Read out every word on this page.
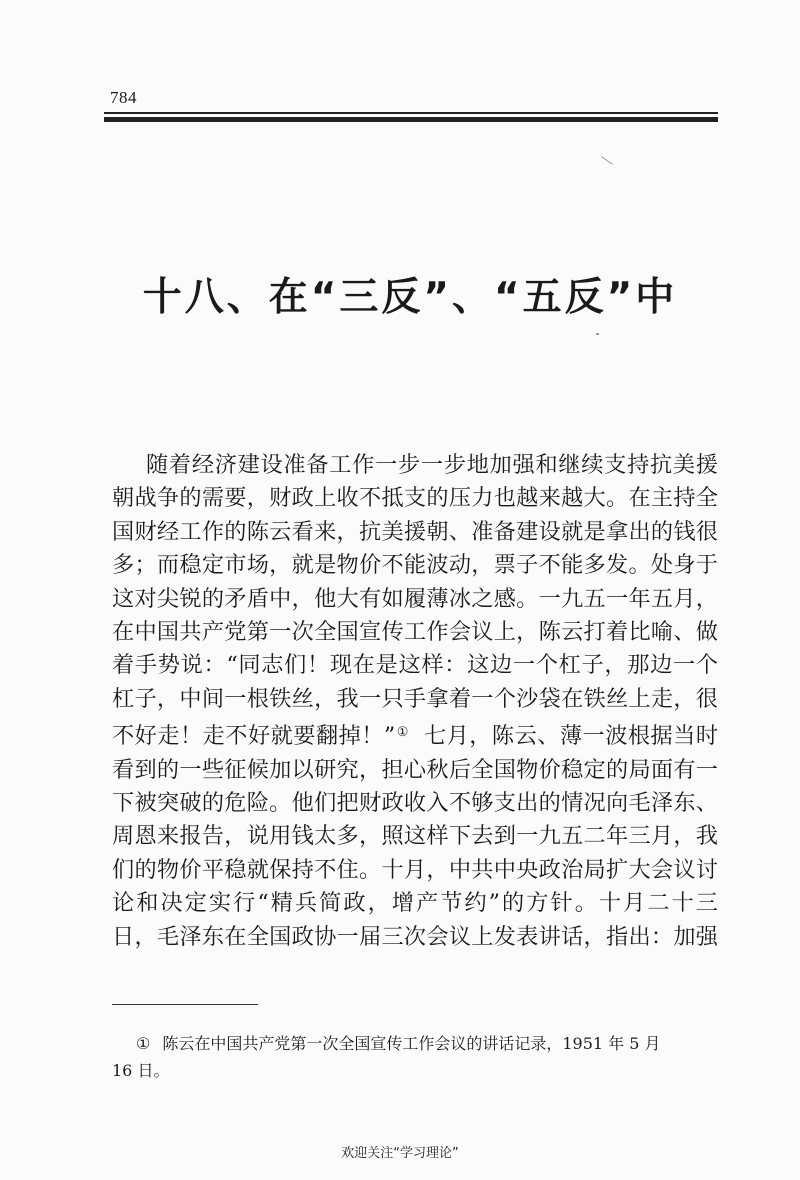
784
十八、在“三反”、“五反”中
随着经济建设准备工作一步一步地加强和继续支持抗美援
朝战争的需要，财政上收不抵支的压力也越来越大。在主持全
国财经工作的陈云看来，抗美援朝、准备建设就是拿出的钱很
多；而稳定市场，就是物价不能波动，票子不能多发。处身于
这对尖锐的矛盾中，他大有如履薄冰之感。一九五一年五月，
在中国共产党第一次全国宣传工作会议上，陈云打着比喻、做
着手势说：“同志们！现在是这样：这边一个杠子，那边一个
杠子，中间一根铁丝，我一只手拿着一个沙袋在铁丝上走，很
不好走！走不好就要翻掉！”① 七月，陈云、薄一波根据当时
看到的一些征候加以研究，担心秋后全国物价稳定的局面有一
下被突破的危险。他们把财政收入不够支出的情况向毛泽东、
周恩来报告，说用钱太多，照这样下去到一九五二年三月，我
们的物价平稳就保持不住。十月，中共中央政治局扩大会议讨
论和决定实行“精兵简政，增产节约”的方针。十月二十三
日，毛泽东在全国政协一届三次会议上发表讲话，指出：加强
① 陈云在中国共产党第一次全国宣传工作会议的讲话记录，1951 年 5 月
16 日。
欢迎关注“学习理论”
